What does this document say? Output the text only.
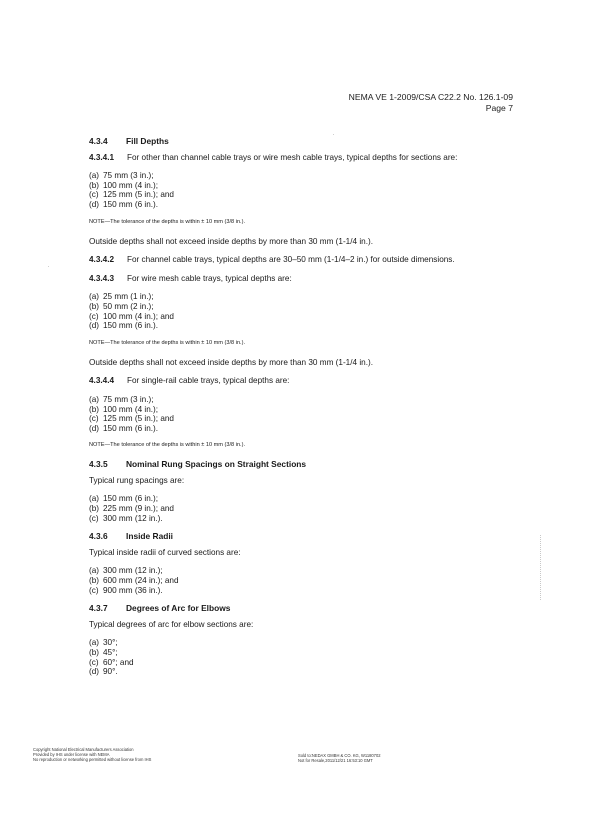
NEMA VE 1-2009/CSA C22.2 No. 126.1-09
Page 7
4.3.4 Fill Depths
4.3.4.1 For other than channel cable trays or wire mesh cable trays, typical depths for sections are:
(a) 75 mm (3 in.);
(b) 100 mm (4 in.);
(c) 125 mm (5 in.); and
(d) 150 mm (6 in.).
NOTE—The tolerance of the depths is within ± 10 mm (3/8 in.).
Outside depths shall not exceed inside depths by more than 30 mm (1-1/4 in.).
4.3.4.2 For channel cable trays, typical depths are 30–50 mm (1-1/4–2 in.) for outside dimensions.
4.3.4.3 For wire mesh cable trays, typical depths are:
(a) 25 mm (1 in.);
(b) 50 mm (2 in.);
(c) 100 mm (4 in.); and
(d) 150 mm (6 in.).
NOTE—The tolerance of the depths is within ± 10 mm (3/8 in.).
Outside depths shall not exceed inside depths by more than 30 mm (1-1/4 in.).
4.3.4.4 For single-rail cable trays, typical depths are:
(a) 75 mm (3 in.);
(b) 100 mm (4 in.);
(c) 125 mm (5 in.); and
(d) 150 mm (6 in.).
NOTE—The tolerance of the depths is within ± 10 mm (3/8 in.).
4.3.5 Nominal Rung Spacings on Straight Sections
Typical rung spacings are:
(a) 150 mm (6 in.);
(b) 225 mm (9 in.); and
(c) 300 mm (12 in.).
4.3.6 Inside Radii
Typical inside radii of curved sections are:
(a) 300 mm (12 in.);
(b) 600 mm (24 in.); and
(c) 900 mm (36 in.).
4.3.7 Degrees of Arc for Elbows
Typical degrees of arc for elbow sections are:
(a) 30°;
(b) 45°;
(c) 60°; and
(d) 90°.
Copyright National Electrical Manufacturers Association
Provided by IHS under license with NEMA
No reproduction or networking permitted without license from IHS
Sold to:NEDAX GMBH & CO. KG, W1180702
Not for Resale,2011/12/21 16:53:10 GMT
